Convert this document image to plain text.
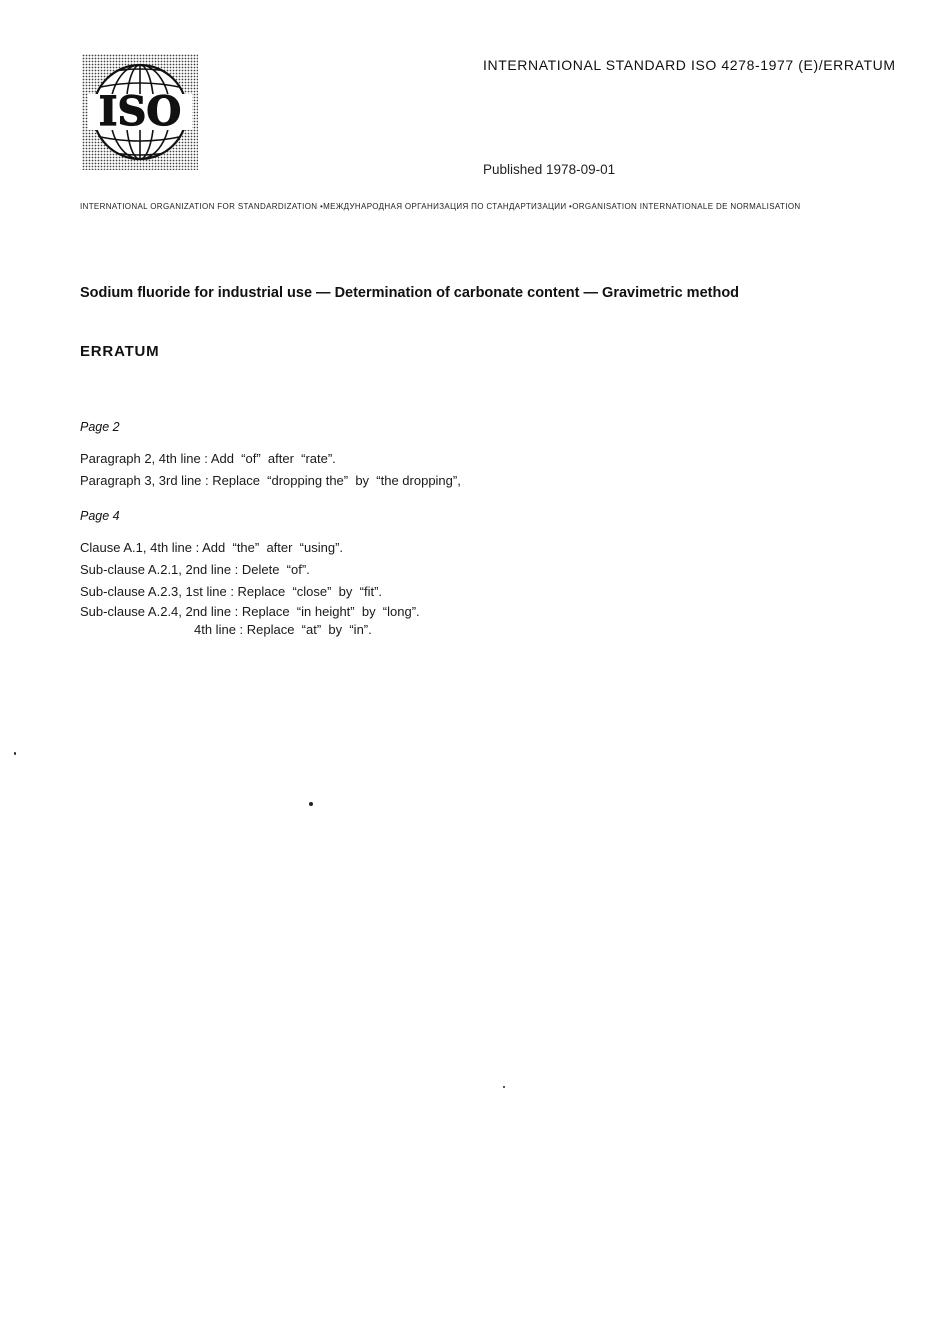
ISO
INTERNATIONAL STANDARD ISO 4278-1977 (E)/ERRATUM
Published 1978-09-01
INTERNATIONAL ORGANIZATION FOR STANDARDIZATION •МЕЖДУНАРОДНАЯ ОРГАНИЗАЦИЯ ПО СТАНДАРТИЗАЦИИ •ORGANISATION INTERNATIONALE DE NORMALISATION
Sodium fluoride for industrial use — Determination of carbonate content — Gravimetric method
ERRATUM
Page 2
Paragraph 2, 4th line : Add  “of”  after  “rate”.
Paragraph 3, 3rd line : Replace  “dropping the”  by  “the dropping”,
Page 4
Clause A.1, 4th line : Add  “the”  after  “using”.
Sub-clause A.2.1, 2nd line : Delete  “of”.
Sub-clause A.2.3, 1st line : Replace  “close”  by  “fit”.
Sub-clause A.2.4, 2nd line : Replace  “in height”  by  “long”.
4th line : Replace  “at”  by  “in”.
